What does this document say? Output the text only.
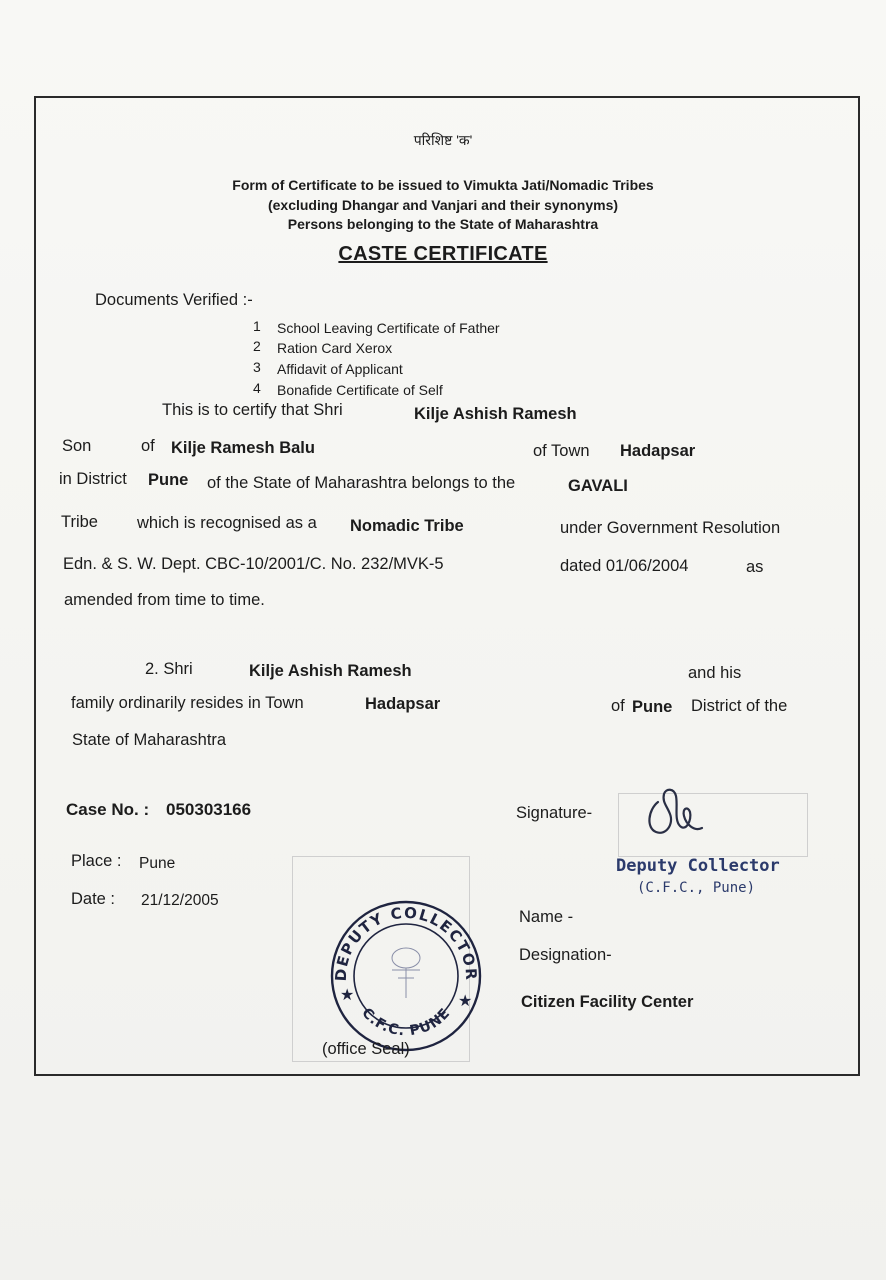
परिशिष्ट 'क'
Form of Certificate to be issued to Vimukta Jati/Nomadic Tribes
(excluding Dhangar and Vanjari and their synonyms)
Persons belonging to the State of Maharashtra
CASTE CERTIFICATE
Documents Verified :-
1 School Leaving Certificate of Father
2 Ration Card Xerox
3 Affidavit of Applicant
4 Bonafide Certificate of Self
This is to certify that Shri	Kilje Ashish Ramesh
Son	of Kilje Ramesh Balu	of Town Hadapsar
in District Pune of the State of Maharashtra belongs to the	GAVALI
Tribe which is recognised as a Nomadic Tribe	under Government Resolution
Edn. & S. W. Dept. CBC-10/2001/C. No. 232/MVK-5	dated 01/06/2004	as
amended from time to time.
2. Shri	Kilje Ashish Ramesh	and his
family ordinarily resides in Town	Hadapsar	of Pune District of the
State of Maharashtra
Case No. : 050303166
Place : Pune
Date : 21/12/2005
Signature-
Deputy Collector
(C.F.C., Pune)
Name -
Designation-
Citizen Facility Center
DEPUTY COLLECTOR
C.F.C. PUNE
★	★
(office Seal)
